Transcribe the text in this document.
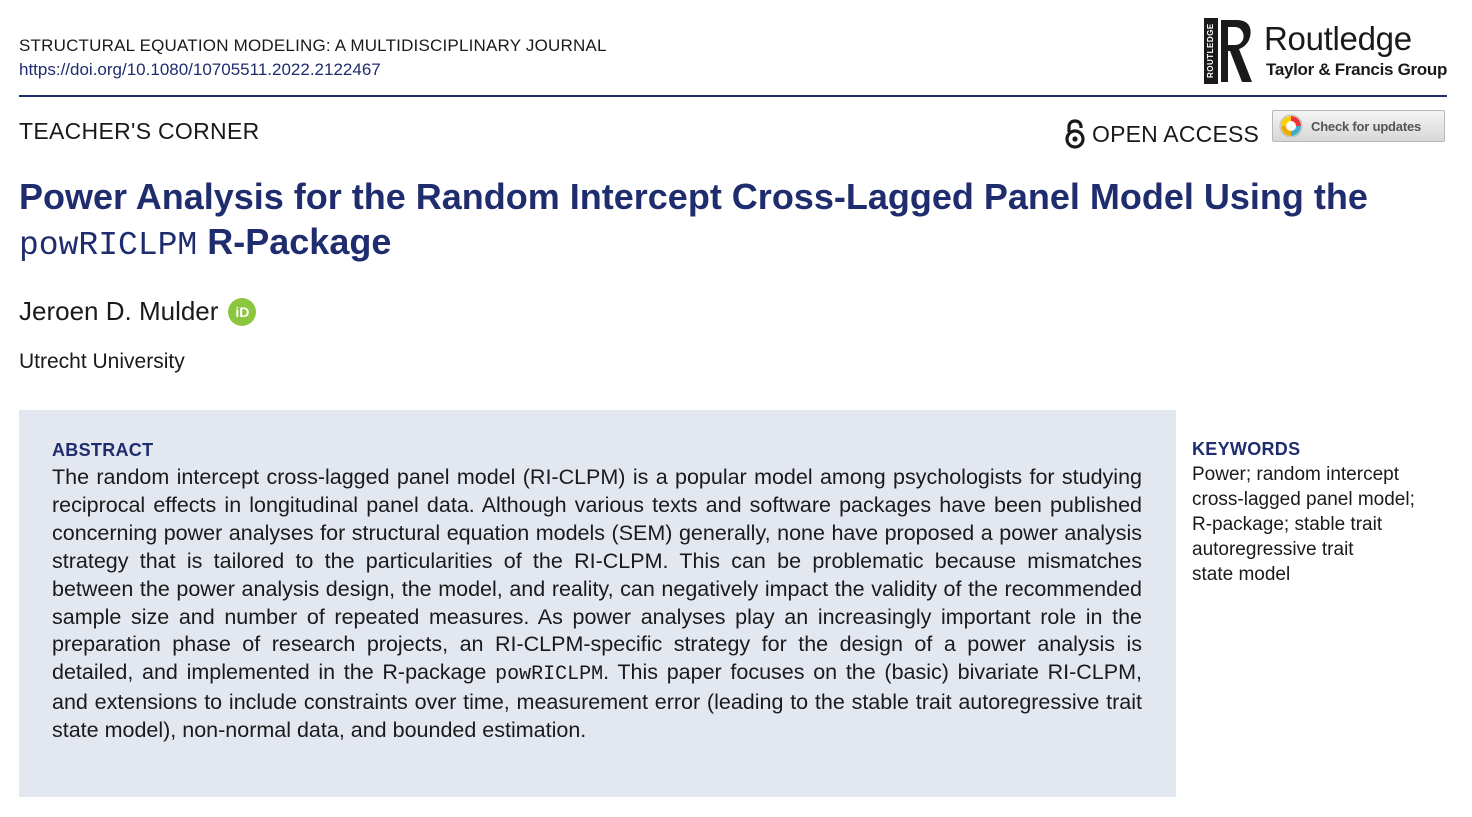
STRUCTURAL EQUATION MODELING: A MULTIDISCIPLINARY JOURNAL
https://doi.org/10.1080/10705511.2022.2122467	ROUTLEDGE Routledge
Taylor & Francis Group
TEACHER'S CORNER	OPEN ACCESS	Check for updates
Power Analysis for the Random Intercept Cross-Lagged Panel Model Using the
powRICLPM R-Package
Jeroen D. Mulder	iD
Utrecht University
ABSTRACT

The random intercept cross-lagged panel model (RI-CLPM) is a popular model among psychologists for studying reciprocal effects in longitudinal panel data. Although various texts and software packages have been published concerning power analyses for structural equation models (SEM) generally, none have proposed a power analysis strategy that is tailored to the particularities of the RI-CLPM. This can be problematic because mismatches between the power analysis design, the model, and reality, can negatively impact the validity of the recommended sample size and number of repeated measures. As power analyses play an increasingly important role in the preparation phase of research projects, an RI-CLPM-specific strategy for the design of a power analysis is detailed, and implemented in the R-package powRICLPM. This paper focuses on the (basic) bivariate RI-CLPM, and extensions to include constraints over time, measurement error (leading to the stable trait autoregressive trait state model), non-normal data, and bounded estimation.

KEYWORDS

Power; random intercept
cross-lagged panel model;
R-package; stable trait
autoregressive trait
state model
